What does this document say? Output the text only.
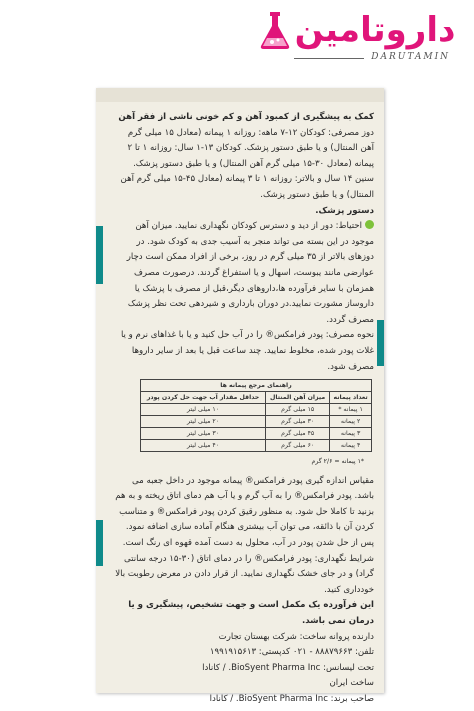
داروتامین
DARUTAMIN

کمک به پیشگیری از کمبود آهن و کم خونی ناشی از فقر آهن

دوز مصرفی: کودکان ۱۲-۷ ماهه: روزانه ۱ پیمانه (معادل ۱۵ میلی گرم آهن المنتال) و یا طبق دستور پزشک. کودکان ۱۳-۱ سال: روزانه ۱ تا ۲ پیمانه (معادل ۳۰-۱۵ میلی گرم آهن المنتال) و یا طبق دستور پزشک. سنین ۱۴ سال و بالاتر: روزانه ۱ تا ۳ پیمانه (معادل ۴۵-۱۵ میلی گرم آهن المنتال) و یا طبق دستور پزشک.

دستور پزشک.

احتیاط: دور از دید و دسترس کودکان نگهداری نمایید. میزان آهن موجود در این بسته می تواند منجر به آسیب جدی به کودک شود. در دوزهای بالاتر از ۳۵ میلی گرم در روز، برخی از افراد ممکن است دچار عوارضی مانند یبوست، اسهال و یا استفراغ گردند. درصورت مصرف همزمان با سایر فرآورده ها،داروهای دیگر،قبل از مصرف با پزشک یا داروساز مشورت نمایید.در دوران بارداری و شیردهی تحت نظر پزشک مصرف گردد.

نحوه مصرف: پودر فرامکس® را در آب حل کنید و یا با غذاهای نرم و یا غلات پودر شده، مخلوط نمایید. چند ساعت قبل یا بعد از سایر داروها مصرف شود.

راهنمای مرجع پیمانه ها		
تعداد پیمانه	میزان آهن المنتال	حداقل مقدار آب جهت حل کردن پودر
۱ پیمانه *	۱۵ میلی گرم	۱۰ میلی لیتر
۲ پیمانه	۳۰ میلی گرم	۲۰ میلی لیتر
۳ پیمانه	۴۵ میلی گرم	۳۰ میلی لیتر
۴ پیمانه	۶۰ میلی گرم	۴۰ میلی لیتر
*۱ پیمانه = ۲/۶ گرم

مقیاس اندازه گیری پودر فرامکس® پیمانه موجود در داخل جعبه می باشد. پودر فرامکس® را به آب گرم و یا آب هم دمای اتاق ریخته و به هم بزنید تا کاملا حل شود. به منظور رقیق کردن پودر فرامکس® و متناسب کردن آن با ذائقه، می توان آب بیشتری هنگام آماده سازی اضافه نمود. پس از حل شدن پودر در آب، محلول به دست آمده قهوه ای رنگ است.

شرایط نگهداری: پودر فرامکس® را در دمای اتاق (۳۰-۱۵ درجه سانتی گراد) و در جای خشک نگهداری نمایید. از قرار دادن در معرض رطوبت بالا خودداری کنید.

این فرآورده یک مکمل است و جهت تشخیص، پیشگیری و یا درمان نمی باشد.

دارنده پروانه ساخت: شرکت بهستان تجارت

تلفن: ۸۸۸۷۹۶۶۳ - ۰۲۱ کدپستی: ۱۹۹۱۹۱۵۶۱۳

تحت لیسانس: BioSyent Pharma Inc. / کانادا

ساخت ایران

صاحب برند: BioSyent Pharma Inc. / کانادا
